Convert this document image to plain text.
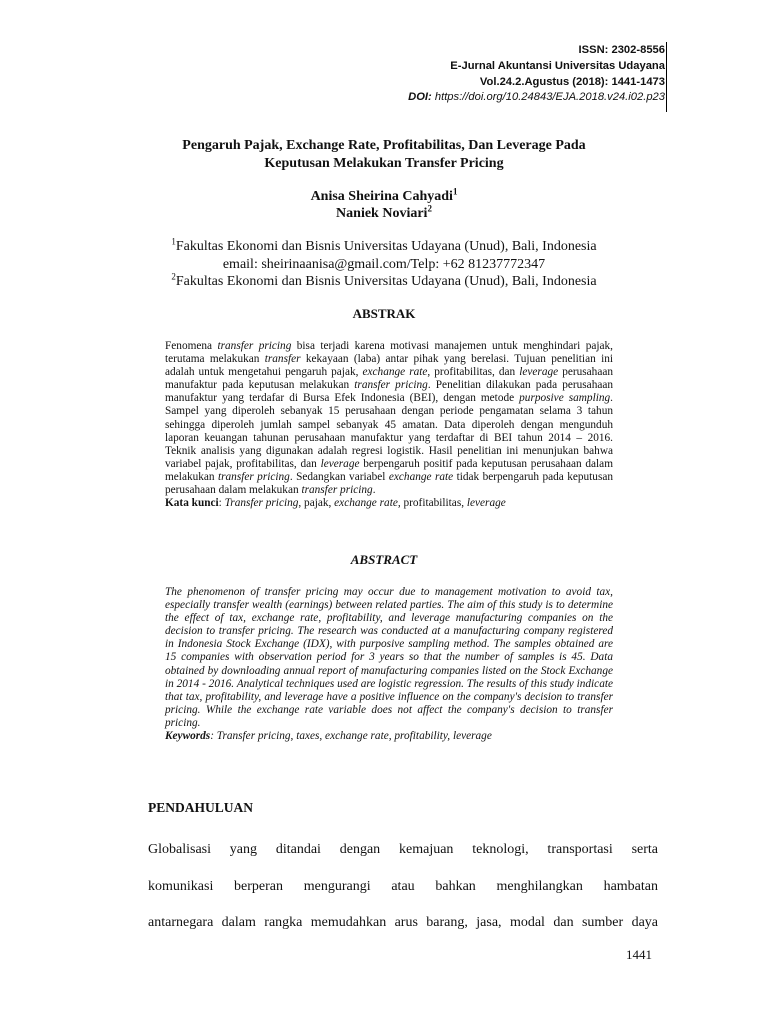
ISSN: 2302-8556
E-Jurnal Akuntansi Universitas Udayana
Vol.24.2.Agustus (2018): 1441-1473
DOI: https://doi.org/10.24843/EJA.2018.v24.i02.p23
Pengaruh Pajak, Exchange Rate, Profitabilitas, Dan Leverage Pada
Keputusan Melakukan Transfer Pricing
Anisa Sheirina Cahyadi$^1$
Naniek Noviari$^2$
$^1$Fakultas Ekonomi dan Bisnis Universitas Udayana (Unud), Bali, Indonesia
email: sheirinaanisa@gmail.com/Telp: +62 81237772347
$^2$Fakultas Ekonomi dan Bisnis Universitas Udayana (Unud), Bali, Indonesia
ABSTRAK
Fenomena transfer pricing bisa terjadi karena motivasi manajemen untuk menghindari pajak, terutama melakukan transfer kekayaan (laba) antar pihak yang berelasi. Tujuan penelitian ini adalah untuk mengetahui pengaruh pajak, exchange rate, profitabilitas, dan leverage perusahaan manufaktur pada keputusan melakukan transfer pricing. Penelitian dilakukan pada perusahaan manufaktur yang terdafar di Bursa Efek Indonesia (BEI), dengan metode purposive sampling. Sampel yang diperoleh sebanyak 15 perusahaan dengan periode pengamatan selama 3 tahun sehingga diperoleh jumlah sampel sebanyak 45 amatan. Data diperoleh dengan mengunduh laporan keuangan tahunan perusahaan manufaktur yang terdaftar di BEI tahun 2014 – 2016. Teknik analisis yang digunakan adalah regresi logistik. Hasil penelitian ini menunjukan bahwa variabel pajak, profitabilitas, dan leverage berpengaruh positif pada keputusan perusahaan dalam melakukan transfer pricing. Sedangkan variabel exchange rate tidak berpengaruh pada keputusan perusahaan dalam melakukan transfer pricing.
Kata kunci: Transfer pricing, pajak, exchange rate, profitabilitas, leverage
ABSTRACT
The phenomenon of transfer pricing may occur due to management motivation to avoid tax, especially transfer wealth (earnings) between related parties. The aim of this study is to determine the effect of tax, exchange rate, profitability, and leverage manufacturing companies on the decision to transfer pricing. The research was conducted at a manufacturing company registered in Indonesia Stock Exchange (IDX), with purposive sampling method. The samples obtained are 15 companies with observation period for 3 years so that the number of samples is 45. Data obtained by downloading annual report of manufacturing companies listed on the Stock Exchange in 2014 - 2016. Analytical techniques used are logistic regression. The results of this study indicate that tax, profitability, and leverage have a positive influence on the company's decision to transfer pricing. While the exchange rate variable does not affect the company's decision to transfer pricing.
Keywords: Transfer pricing, taxes, exchange rate, profitability, leverage
PENDAHULUAN
Globalisasi yang ditandai dengan kemajuan teknologi, transportasi serta
komunikasi berperan mengurangi atau bahkan menghilangkan hambatan
antarnegara dalam rangka memudahkan arus barang, jasa, modal dan sumber daya
1441
